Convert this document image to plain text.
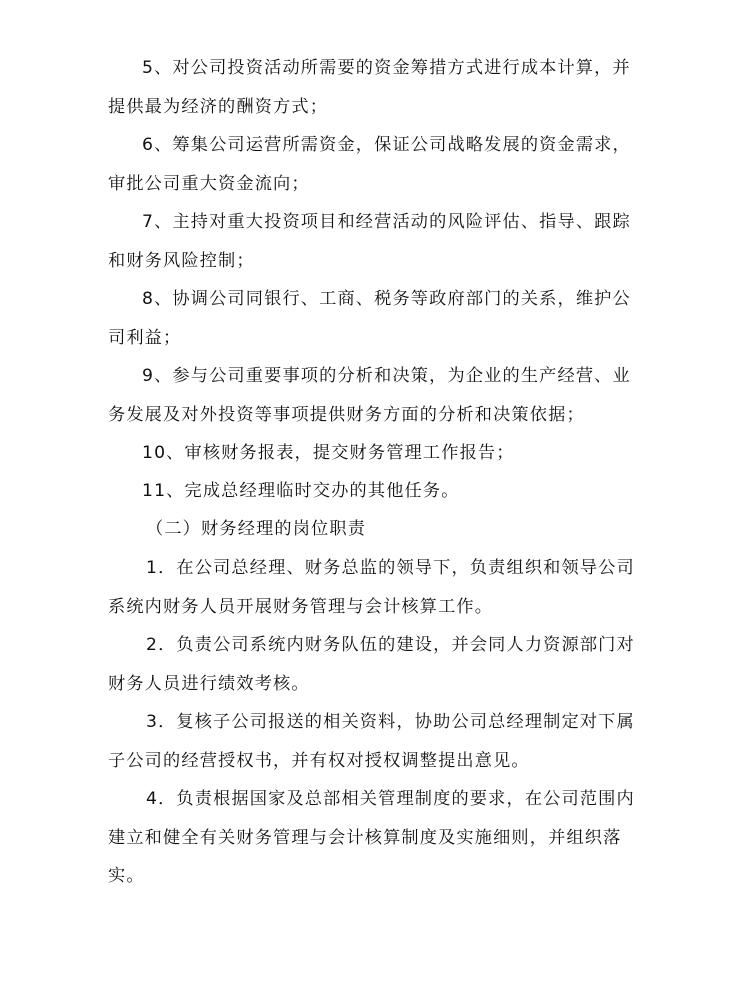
5、对公司投资活动所需要的资金筹措方式进行成本计算，并提供最为经济的酬资方式；

6、筹集公司运营所需资金，保证公司战略发展的资金需求，审批公司重大资金流向；

7、主持对重大投资项目和经营活动的风险评估、指导、跟踪和财务风险控制；

8、协调公司同银行、工商、税务等政府部门的关系，维护公司利益；

9、参与公司重要事项的分析和决策，为企业的生产经营、业务发展及对外投资等事项提供财务方面的分析和决策依据；

10、审核财务报表，提交财务管理工作报告；

11、完成总经理临时交办的其他任务。

（二）财务经理的岗位职责

1．在公司总经理、财务总监的领导下，负责组织和领导公司系统内财务人员开展财务管理与会计核算工作。

2．负责公司系统内财务队伍的建设，并会同人力资源部门对财务人员进行绩效考核。

3．复核子公司报送的相关资料，协助公司总经理制定对下属子公司的经营授权书，并有权对授权调整提出意见。

4．负责根据国家及总部相关管理制度的要求，在公司范围内建立和健全有关财务管理与会计核算制度及实施细则，并组织落实。
